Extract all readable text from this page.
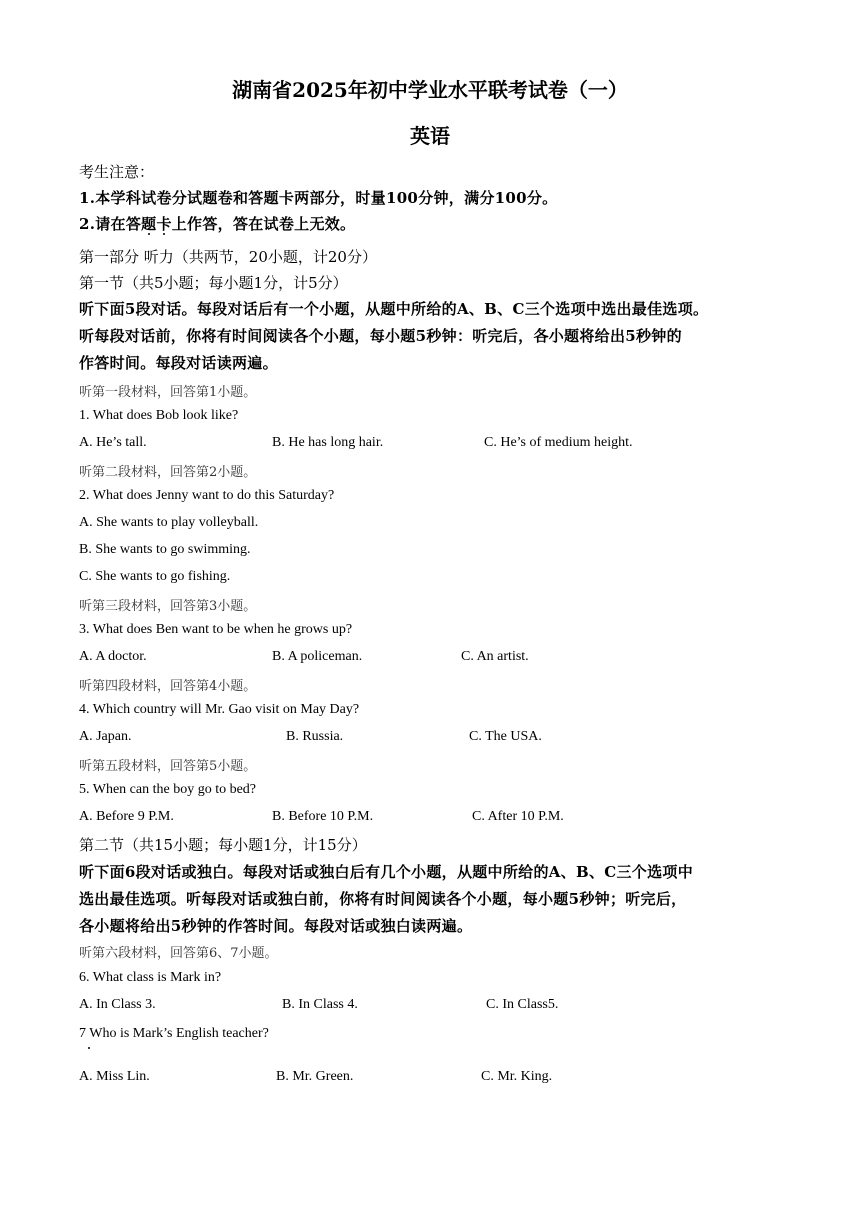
湖南省2025年初中学业水平联考试卷（一）
英语
考生注意：
1.本学科试卷分试题卷和答题卡两部分，时量100分钟，满分100分。
2.请在答题卡上作答，答在试卷上无效。
第一部分 听力（共两节，20小题，计20分）
第一节（共5小题；每小题1分，计5分）
听下面5段对话。每段对话后有一个小题，从题中所给的A、B、C三个选项中选出最佳选项。
听每段对话前，你将有时间阅读各个小题，每小题5秒钟：听完后，各小题将给出5秒钟的
作答时间。每段对话读两遍。
听第一段材料，回答第1小题。
1. What does Bob look like?
A. He’s tall.	B. He has long hair.	C. He’s of medium height.
听第二段材料，回答第2小题。
2. What does Jenny want to do this Saturday?
A. She wants to play volleyball.
B. She wants to go swimming.
C. She wants to go fishing.
听第三段材料，回答第3小题。
3. What does Ben want to be when he grows up?
A. A doctor.	B. A policeman.	C. An artist.
听第四段材料，回答第4小题。
4. Which country will Mr. Gao visit on May Day?
A. Japan.	B. Russia.	C. The USA.
听第五段材料，回答第5小题。
5. When can the boy go to bed?
A. Before 9 P.M.	B. Before 10 P.M.	C. After 10 P.M.
第二节（共15小题；每小题1分，计15分）
听下面6段对话或独白。每段对话或独白后有几个小题，从题中所给的A、B、C三个选项中
选出最佳选项。听每段对话或独白前，你将有时间阅读各个小题，每小题5秒钟；听完后，
各小题将给出5秒钟的作答时间。每段对话或独白读两遍。
听第六段材料，回答第6、7小题。
6. What class is Mark in?
A. In Class 3.	B. In Class 4.	C. In Class5.
7 Who is Mark’s English teacher?
A. Miss Lin.	B. Mr. Green.	C. Mr. King.
